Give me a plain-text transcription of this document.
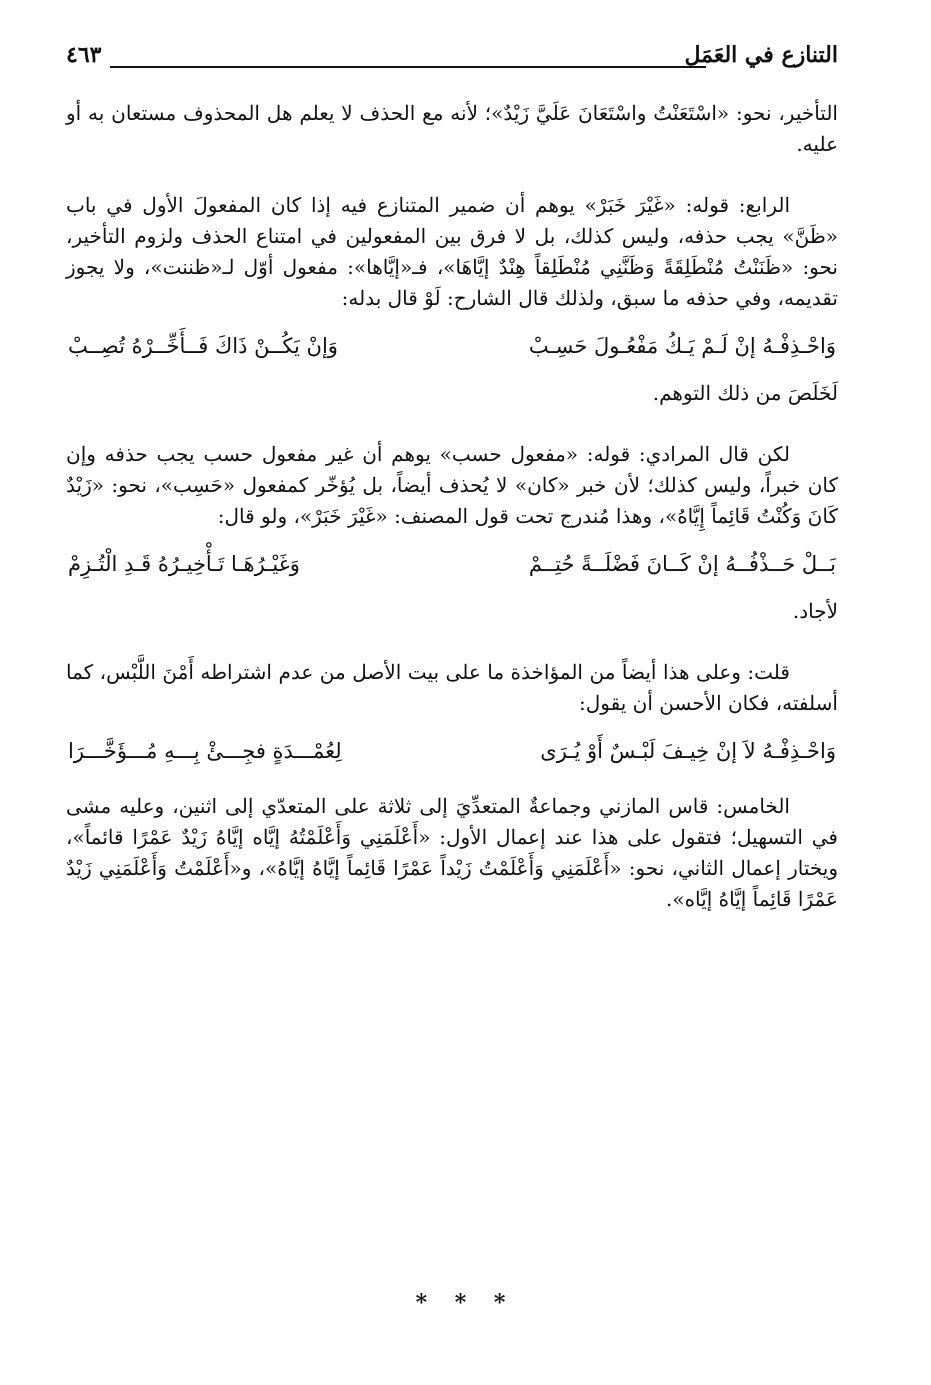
التنازع في العَمَل
٤٦٣

التأخير، نحو: «اسْتَعَنْتُ واسْتَعَانَ عَلَيَّ زَيْدٌ»؛ لأنه مع الحذف لا يعلم هل المحذوف مستعان به أو عليه.

الرابع: قوله: «غَيْرَ خَبَرْ» يوهم أن ضمير المتنازع فيه إذا كان المفعولَ الأول في باب «ظَنَّ» يجب حذفه، وليس كذلك، بل لا فرق بين المفعولين في امتناع الحذف ولزوم التأخير، نحو: «ظَنَنْتُ مُنْطَلِقَةً وَظَنَّنِي مُنْطَلِقاً هِنْدٌ إيَّاهَا»، فـ«إيَّاها»: مفعول أوّل لـ«ظننت»، ولا يجوز تقديمه، وفي حذفه ما سبق، ولذلك قال الشارح: لَوْ قال بدله:

وَاحْـذِفْـهُ إنْ لَـمْ يَـكُ مَفْعُـولَ حَسِـبْ
وَإنْ يَكُــنْ ذَاكَ فَــأَخِّــرْهُ تُصِــبْ

لَخَلَصَ من ذلك التوهم.

لكن قال المرادي: قوله: «مفعول حسب» يوهم أن غير مفعول حسب يجب حذفه وإن كان خبراً، وليس كذلك؛ لأن خبر «كان» لا يُحذف أيضاً، بل يُؤخّر كمفعول «حَسِب»، نحو: «زَيْدٌ كَانَ وَكُنْتُ قَائِماً إِيَّاهُ»، وهذا مُندرج تحت قول المصنف: «غَيْرَ خَبَرْ»، ولو قال:

بَــلْ حَــذْفُــهُ إنْ كَــانَ فَضْلَــةً حُتِــمْ
وَغَيْـرُهَـا تَـأْخِيـرُهُ قَـدِ الْتُـزِمْ

لأجاد.

قلت: وعلى هذا أيضاً من المؤاخذة ما على بيت الأصل من عدم اشتراطه أَمْنَ اللَّبْس، كما أسلفته، فكان الأحسن أن يقول:

وَاحْـذِفْـهُ لاَ إنْ خِيـفَ لَبْـسٌ أَوْ يُـرَى
لِعُمْـــدَةٍ فجِـــئْ بِـــهِ مُـــؤَخَّـــرَا

الخامس: قاس المازني وجماعةٌ المتعدِّيَ إلى ثلاثة على المتعدّي إلى اثنين، وعليه مشى في التسهيل؛ فتقول على هذا عند إعمال الأول: «أَعْلَمَنِي وَأَعْلَمْتُهُ إيَّاه إيَّاهُ زَيْدٌ عَمْرًا قائماً»، ويختار إعمال الثاني، نحو: «أَعْلَمَنِي وَأَعْلَمْتُ زَيْداً عَمْرًا قَائِماً إيَّاهُ إيَّاهُ»، و«أَعْلَمْتُ وَأَعْلَمَنِي زَيْدٌ عَمْرًا قَائِماً إيَّاهُ إيَّاه».

* * *
